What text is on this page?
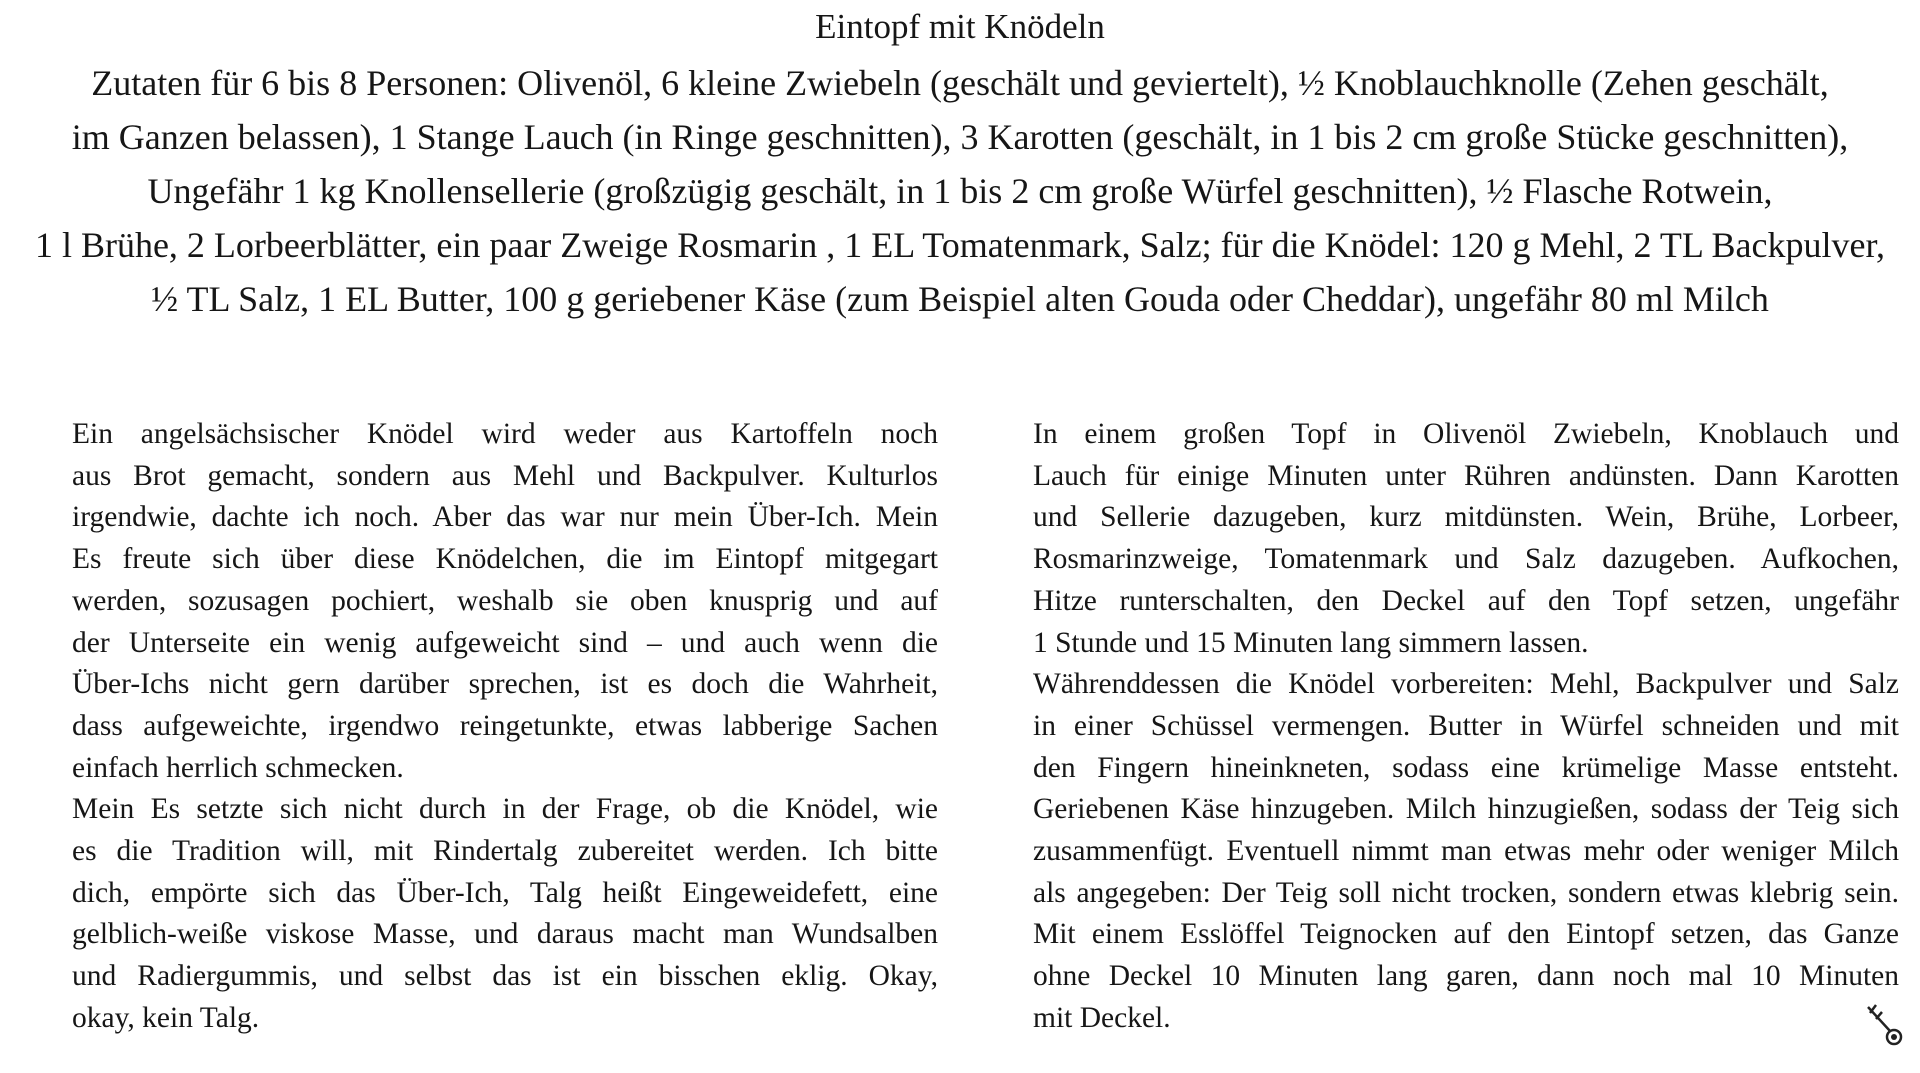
Eintopf mit Knödeln
Zutaten für 6 bis 8 Personen: Olivenöl, 6 kleine Zwiebeln (geschält und geviertelt), ½ Knoblauchknolle (Zehen geschält,
im Ganzen belassen), 1 Stange Lauch (in Ringe geschnitten), 3 Karotten (geschält, in 1 bis 2 cm große Stücke geschnitten),
Ungefähr 1 kg Knollensellerie (großzügig geschält, in 1 bis 2 cm große Würfel geschnitten), ½ Flasche Rotwein,
1 l Brühe, 2 Lorbeerblätter, ein paar Zweige Rosmarin , 1 EL Tomatenmark, Salz; für die Knödel: 120 g Mehl, 2 TL Backpulver,
½ TL Salz, 1 EL Butter, 100 g geriebener Käse (zum Beispiel alten Gouda oder Cheddar), ungefähr 80 ml Milch

Ein angelsächsischer Knödel wird weder aus Kartoffeln noch
aus Brot gemacht, sondern aus Mehl und Backpulver. Kulturlos
irgendwie, dachte ich noch. Aber das war nur mein Über-Ich. Mein
Es freute sich über diese Knödelchen, die im Eintopf mitgegart
werden, sozusagen pochiert, weshalb sie oben knusprig und auf
der Unterseite ein wenig aufgeweicht sind – und auch wenn die
Über-Ichs nicht gern darüber sprechen, ist es doch die Wahrheit,
dass aufgeweichte, irgendwo reingetunkte, etwas labberige Sachen
einfach herrlich schmecken.

Mein Es setzte sich nicht durch in der Frage, ob die Knödel, wie
es die Tradition will, mit Rindertalg zubereitet werden. Ich bitte
dich, empörte sich das Über-Ich, Talg heißt Eingeweidefett, eine
gelblich-weiße viskose Masse, und daraus macht man Wundsalben
und Radiergummis, und selbst das ist ein bisschen eklig. Okay,
okay, kein Talg.

In einem großen Topf in Olivenöl Zwiebeln, Knoblauch und
Lauch für einige Minuten unter Rühren andünsten. Dann Karotten
und Sellerie dazugeben, kurz mitdünsten. Wein, Brühe, Lorbeer,
Rosmarinzweige, Tomatenmark und Salz dazugeben. Aufkochen,
Hitze runterschalten, den Deckel auf den Topf setzen, ungefähr
1 Stunde und 15 Minuten lang simmern lassen.

Währenddessen die Knödel vorbereiten: Mehl, Backpulver und Salz
in einer Schüssel vermengen. Butter in Würfel schneiden und mit
den Fingern hineinkneten, sodass eine krümelige Masse entsteht.
Geriebenen Käse hinzugeben. Milch hinzugießen, sodass der Teig sich
zusammenfügt. Eventuell nimmt man etwas mehr oder weniger Milch
als angegeben: Der Teig soll nicht trocken, sondern etwas klebrig sein.
Mit einem Esslöffel Teignocken auf den Eintopf setzen, das Ganze
ohne Deckel 10 Minuten lang garen, dann noch mal 10 Minuten
mit Deckel.
